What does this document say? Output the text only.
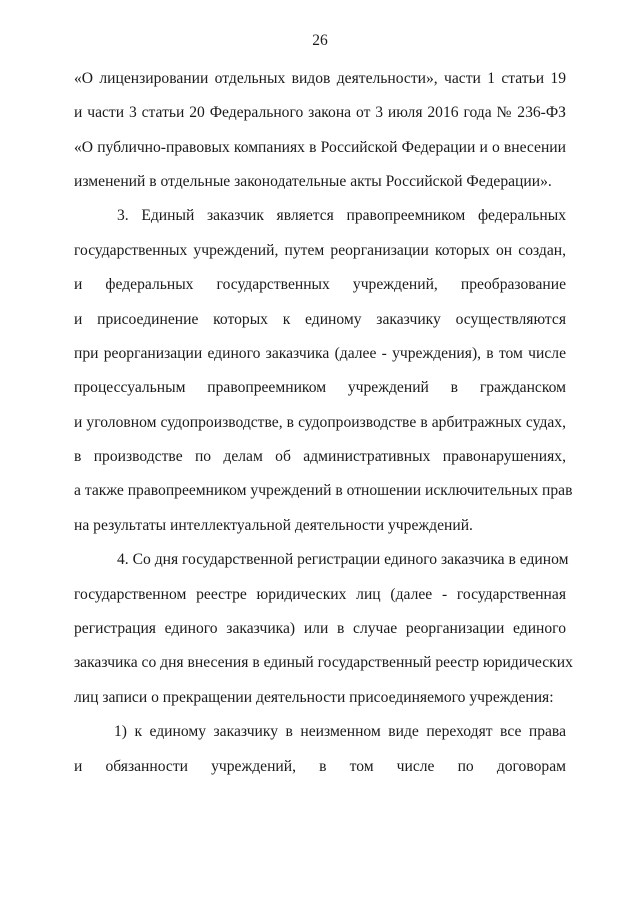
26
«О лицензировании отдельных видов деятельности», части 1 статьи 19
и части 3 статьи 20 Федерального закона от 3 июля 2016 года № 236-ФЗ
«О публично-правовых компаниях в Российской Федерации и о внесении
изменений в отдельные законодательные акты Российской Федерации».
3. Единый заказчик является правопреемником федеральных
государственных учреждений, путем реорганизации которых он создан,
и федеральных государственных учреждений, преобразование
и присоединение которых к единому заказчику осуществляются
при реорганизации единого заказчика (далее - учреждения), в том числе
процессуальным правопреемником учреждений в гражданском
и уголовном судопроизводстве, в судопроизводстве в арбитражных судах,
в производстве по делам об административных правонарушениях,
а также правопреемником учреждений в отношении исключительных прав
на результаты интеллектуальной деятельности учреждений.
4. Со дня государственной регистрации единого заказчика в едином
государственном реестре юридических лиц (далее - государственная
регистрация единого заказчика) или в случае реорганизации единого
заказчика со дня внесения в единый государственный реестр юридических
лиц записи о прекращении деятельности присоединяемого учреждения:
1) к единому заказчику в неизменном виде переходят все права
и обязанности учреждений, в том числе по договорам
